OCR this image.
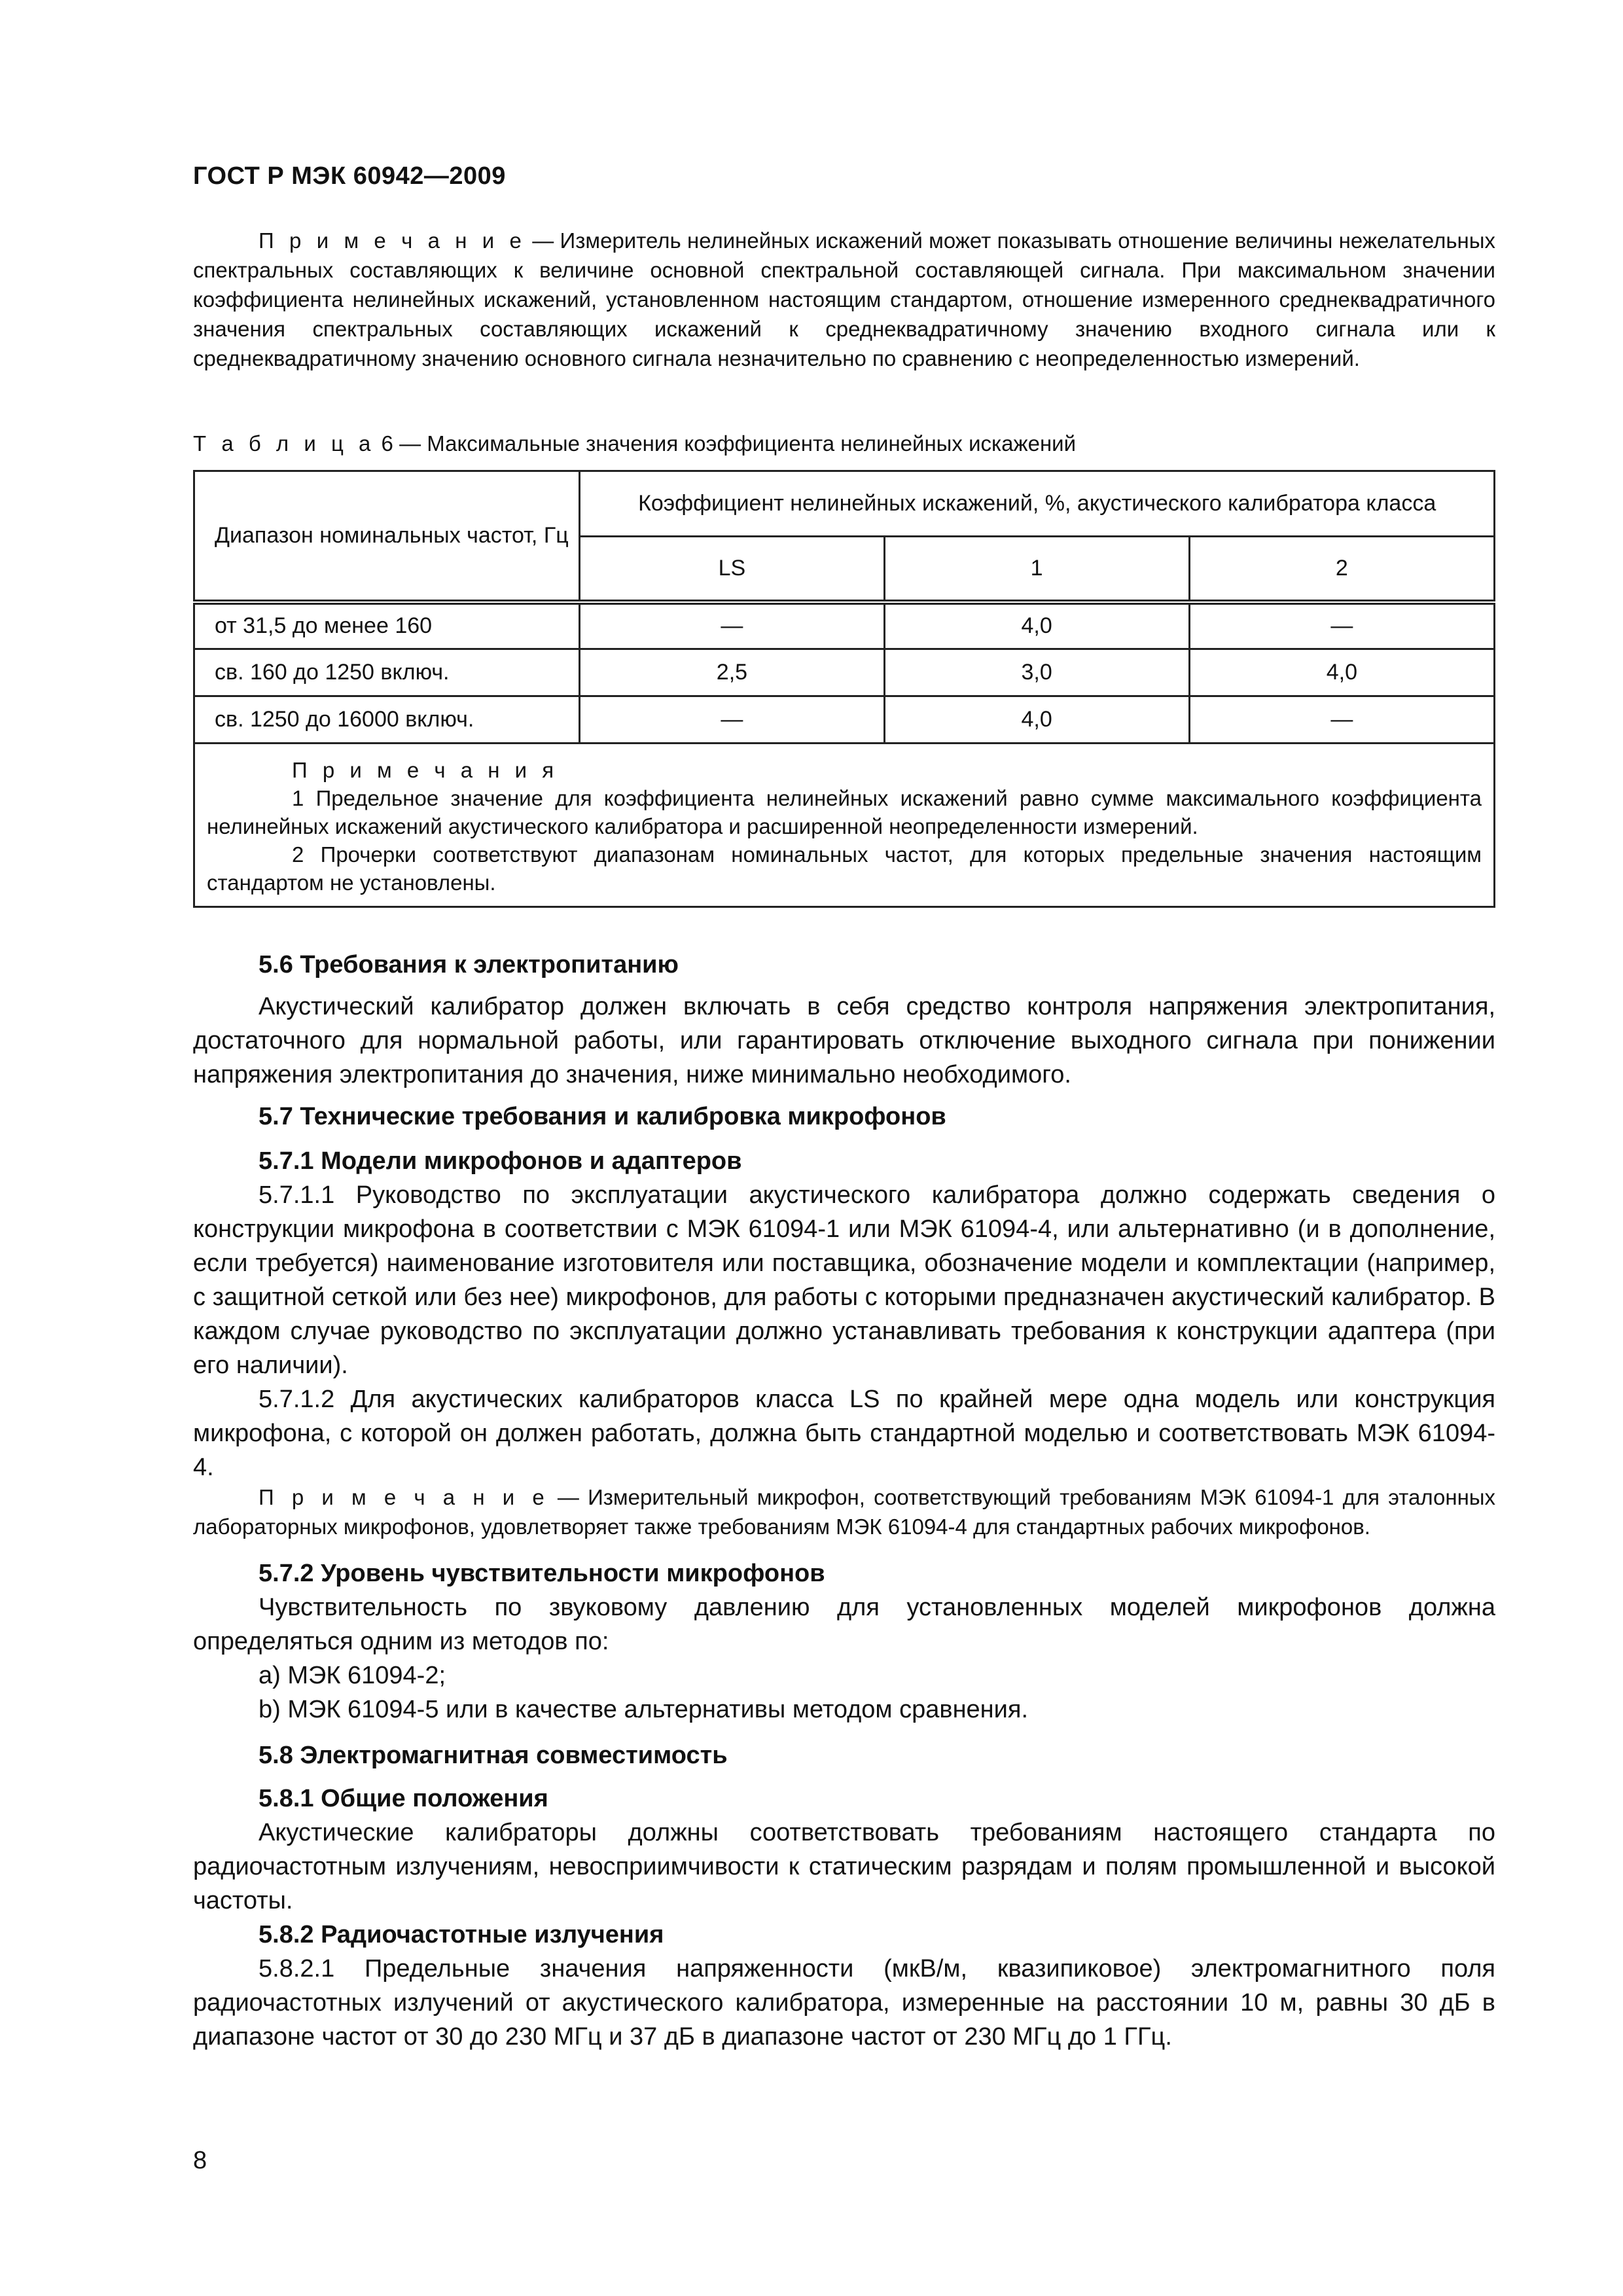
ГОСТ Р МЭК 60942—2009
П р и м е ч а н и е — Измеритель нелинейных искажений может показывать отношение величины нежелательных спектральных составляющих к величине основной спектральной составляющей сигнала. При максимальном значении коэффициента нелинейных искажений, установленном настоящим стандартом, отношение измеренного среднеквадратичного значения спектральных составляющих искажений к среднеквадратичному значению входного сигнала или к среднеквадратичному значению основного сигнала незначительно по сравнению с неопределенностью измерений.
Т а б л и ц а 6 — Максимальные значения коэффициента нелинейных искажений
Диапазон номинальных частот, Гц	Коэффициент нелинейных искажений, %, акустического калибратора класса		
	LS	1	2
от 31,5 до менее 160	—	4,0	—
св. 160 до 1250 включ.	2,5	3,0	4,0
св. 1250 до 16000 включ.	—	4,0	—

П р и м е ч а н и я
1 Предельное значение для коэффициента нелинейных искажений равно сумме максимального коэффициента нелинейных искажений акустического калибратора и расширенной неопределенности измерений.
2 Прочерки соответствуют диапазонам номинальных частот, для которых предельные значения настоящим стандартом не установлены.			
5.6 Требования к электропитанию
Акустический калибратор должен включать в себя средство контроля напряжения электропитания, достаточного для нормальной работы, или гарантировать отключение выходного сигнала при понижении напряжения электропитания до значения, ниже минимально необходимого.
5.7 Технические требования и калибровка микрофонов
5.7.1 Модели микрофонов и адаптеров
5.7.1.1 Руководство по эксплуатации акустического калибратора должно содержать сведения о конструкции микрофона в соответствии с МЭК 61094-1 или МЭК 61094-4, или альтернативно (и в дополнение, если требуется) наименование изготовителя или поставщика, обозначение модели и комплектации (например, с защитной сеткой или без нее) микрофонов, для работы с которыми предназначен акустический калибратор. В каждом случае руководство по эксплуатации должно устанавливать требования к конструкции адаптера (при его наличии).
5.7.1.2 Для акустических калибраторов класса LS по крайней мере одна модель или конструкция микрофона, с которой он должен работать, должна быть стандартной моделью и соответствовать МЭК 61094-4.
П р и м е ч а н и е — Измерительный микрофон, соответствующий требованиям МЭК 61094-1 для эталонных лабораторных микрофонов, удовлетворяет также требованиям МЭК 61094-4 для стандартных рабочих микрофонов.
5.7.2 Уровень чувствительности микрофонов
Чувствительность по звуковому давлению для установленных моделей микрофонов должна определяться одним из методов по:
a) МЭК 61094-2;
b) МЭК 61094-5 или в качестве альтернативы методом сравнения.
5.8 Электромагнитная совместимость
5.8.1 Общие положения
Акустические калибраторы должны соответствовать требованиям настоящего стандарта по радиочастотным излучениям, невосприимчивости к статическим разрядам и полям промышленной и высокой частоты.
5.8.2 Радиочастотные излучения
5.8.2.1 Предельные значения напряженности (мкВ/м, квазипиковое) электромагнитного поля радиочастотных излучений от акустического калибратора, измеренные на расстоянии 10 м, равны 30 дБ в диапазоне частот от 30 до 230 МГц и 37 дБ в диапазоне частот от 230 МГц до 1 ГГц.
8
